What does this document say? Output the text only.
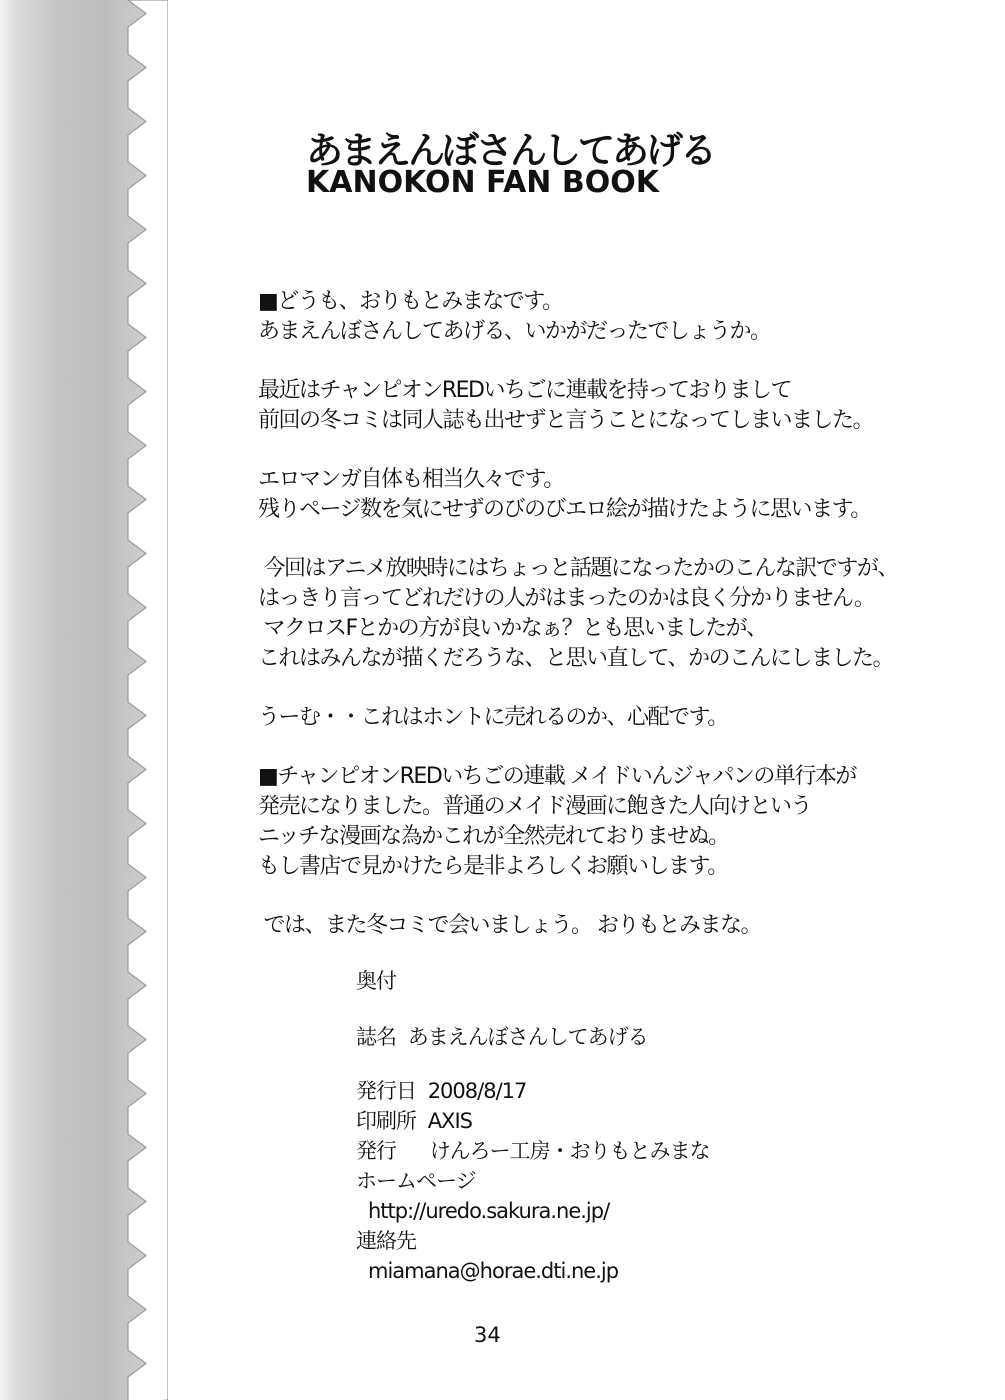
あまえんぼさんしてあげる
KANOKON FAN BOOK
■どうも、おりもとみまなです。
あまえんぼさんしてあげる、いかがだったでしょうか。
最近はチャンピオンREDいちごに連載を持っておりまして
前回の冬コミは同人誌も出せずと言うことになってしまいました。
エロマンガ自体も相当久々です。
残りページ数を気にせずのびのびエロ絵が描けたように思います。
今回はアニメ放映時にはちょっと話題になったかのこんな訳ですが、
はっきり言ってどれだけの人がはまったのかは良く分かりません。
マクロスFとかの方が良いかなぁ？とも思いましたが、
これはみんなが描くだろうな、と思い直して、かのこんにしました。
うーむ・・これはホントに売れるのか、心配です。
■チャンピオンREDいちごの連載 メイドいんジャパンの単行本が
発売になりました。普通のメイド漫画に飽きた人向けという
ニッチな漫画な為かこれが全然売れておりませぬ。
もし書店で見かけたら是非よろしくお願いします。
では、また冬コミで会いましょう。 おりもとみまな。
奥付
誌名 あまえんぼさんしてあげる
発行日 2008/8/17
印刷所 AXIS
発行 けんろー工房・おりもとみまな
ホームページ
http://uredo.sakura.ne.jp/
連絡先
miamana@horae.dti.ne.jp
34
